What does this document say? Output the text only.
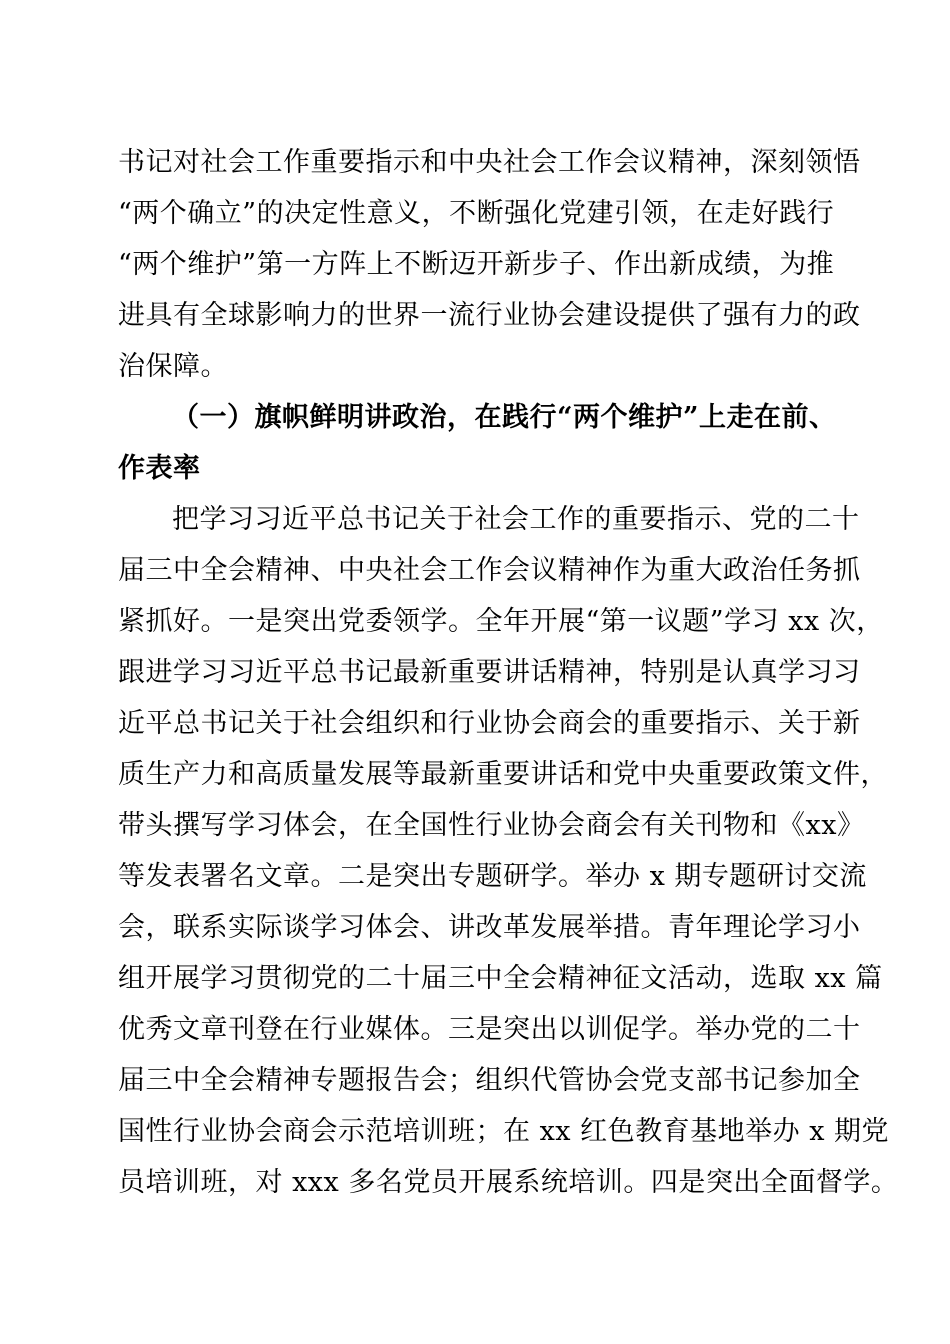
书记对社会工作重要指示和中央社会工作会议精神，深刻领悟
“两个确立”的决定性意义，不断强化党建引领，在走好践行
“两个维护”第一方阵上不断迈开新步子、作出新成绩，为推
进具有全球影响力的世界一流行业协会建设提供了强有力的政
治保障。
（一）旗帜鲜明讲政治，在践行“两个维护”上走在前、
作表率
把学习习近平总书记关于社会工作的重要指示、党的二十
届三中全会精神、中央社会工作会议精神作为重大政治任务抓
紧抓好。一是突出党委领学。全年开展“第一议题”学习 xx 次，
跟进学习习近平总书记最新重要讲话精神，特别是认真学习习
近平总书记关于社会组织和行业协会商会的重要指示、关于新
质生产力和高质量发展等最新重要讲话和党中央重要政策文件，
带头撰写学习体会，在全国性行业协会商会有关刊物和《xx》
等发表署名文章。二是突出专题研学。举办 x 期专题研讨交流
会，联系实际谈学习体会、讲改革发展举措。青年理论学习小
组开展学习贯彻党的二十届三中全会精神征文活动，选取 xx 篇
优秀文章刊登在行业媒体。三是突出以训促学。举办党的二十
届三中全会精神专题报告会；组织代管协会党支部书记参加全
国性行业协会商会示范培训班；在 xx 红色教育基地举办 x 期党
员培训班，对 xxx 多名党员开展系统培训。四是突出全面督学。
